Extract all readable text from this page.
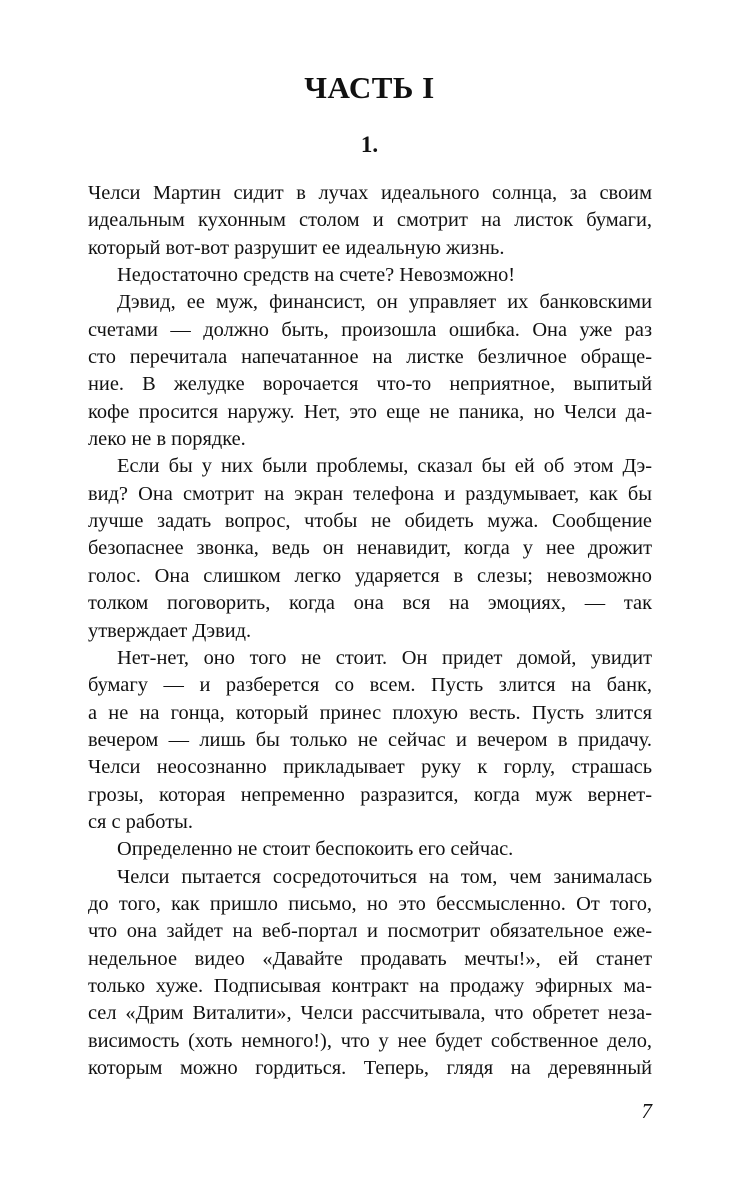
ЧАСТЬ I
1.
Челси Мартин сидит в лучах идеального солнца, за своим
идеальным кухонным столом и смотрит на листок бумаги,
который вот-вот разрушит ее идеальную жизнь.
Недостаточно средств на счете? Невозможно!
Дэвид, ее муж, финансист, он управляет их банковскими
счетами — должно быть, произошла ошибка. Она уже раз
сто перечитала напечатанное на листке безличное обраще-
ние. В желудке ворочается что-то неприятное, выпитый
кофе просится наружу. Нет, это еще не паника, но Челси да-
леко не в порядке.
Если бы у них были проблемы, сказал бы ей об этом Дэ-
вид? Она смотрит на экран телефона и раздумывает, как бы
лучше задать вопрос, чтобы не обидеть мужа. Сообщение
безопаснее звонка, ведь он ненавидит, когда у нее дрожит
голос. Она слишком легко ударяется в слезы; невозможно
толком поговорить, когда она вся на эмоциях, — так
утверждает Дэвид.
Нет-нет, оно того не стоит. Он придет домой, увидит
бумагу — и разберется со всем. Пусть злится на банк,
а не на гонца, который принес плохую весть. Пусть злится
вечером — лишь бы только не сейчас и вечером в придачу.
Челси неосознанно прикладывает руку к горлу, страшась
грозы, которая непременно разразится, когда муж вернет-
ся с работы.
Определенно не стоит беспокоить его сейчас.
Челси пытается сосредоточиться на том, чем занималась
до того, как пришло письмо, но это бессмысленно. От того,
что она зайдет на веб-портал и посмотрит обязательное еже-
недельное видео «Давайте продавать мечты!», ей станет
только хуже. Подписывая контракт на продажу эфирных ма-
сел «Дрим Виталити», Челси рассчитывала, что обретет неза-
висимость (хоть немного!), что у нее будет собственное дело,
которым можно гордиться. Теперь, глядя на деревянный
7
